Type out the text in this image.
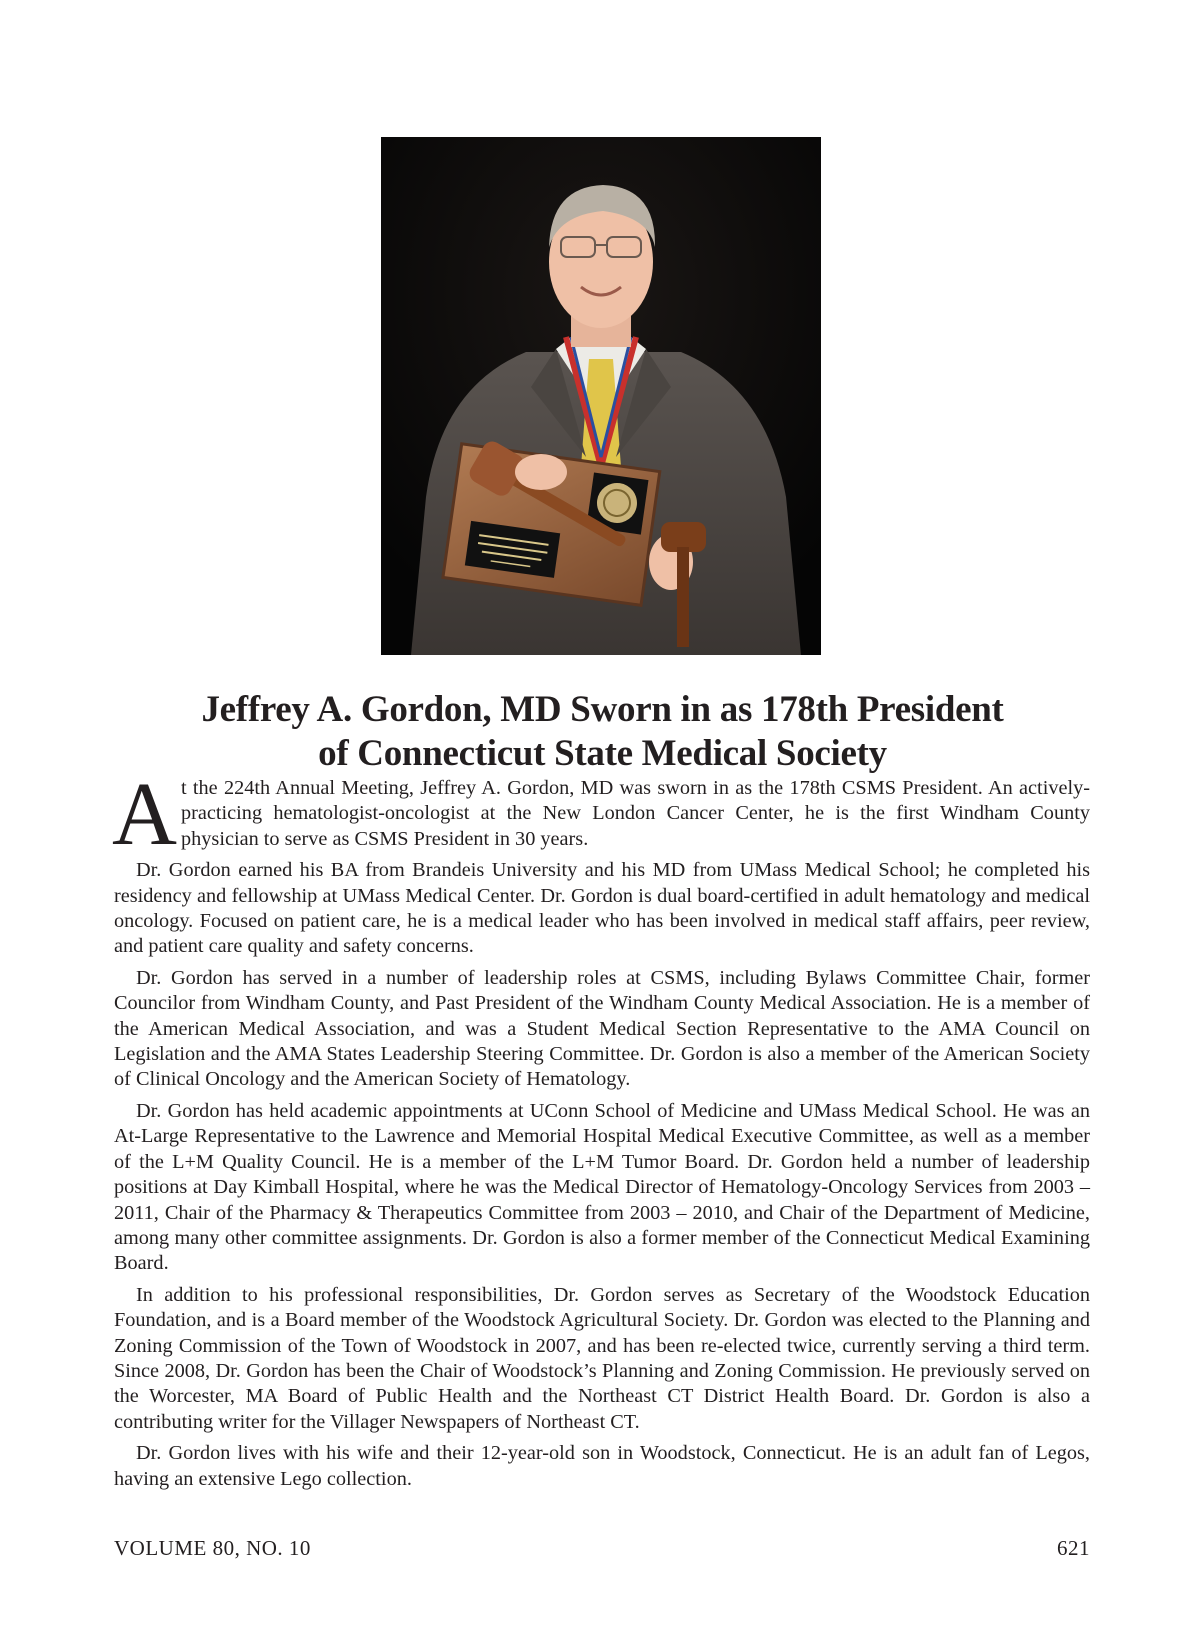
Jeffrey A. Gordon, MD Sworn in as 178th President
of Connecticut State Medical Society

At the 224th Annual Meeting, Jeffrey A. Gordon, MD was sworn in as the 178th CSMS President. An actively-practicing hematologist-oncologist at the New London Cancer Center, he is the first Windham County physician to serve as CSMS President in 30 years.

Dr. Gordon earned his BA from Brandeis University and his MD from UMass Medical School; he completed his residency and fellowship at UMass Medical Center. Dr. Gordon is dual board-certified in adult hematology and medical oncology. Focused on patient care, he is a medical leader who has been involved in medical staff affairs, peer review, and patient care quality and safety concerns.

Dr. Gordon has served in a number of leadership roles at CSMS, including Bylaws Committee Chair, former Councilor from Windham County, and Past President of the Windham County Medical Association. He is a member of the American Medical Association, and was a Student Medical Section Representative to the AMA Council on Legislation and the AMA States Leadership Steering Committee. Dr. Gordon is also a member of the American Society of Clinical Oncology and the American Society of Hematology.

Dr. Gordon has held academic appointments at UConn School of Medicine and UMass Medical School. He was an At-Large Representative to the Lawrence and Memorial Hospital Medical Executive Committee, as well as a member of the L+M Quality Council. He is a member of the L+M Tumor Board. Dr. Gordon held a number of leadership positions at Day Kimball Hospital, where he was the Medical Director of Hematology-Oncology Services from 2003 – 2011, Chair of the Pharmacy & Therapeutics Committee from 2003 – 2010, and Chair of the Department of Medicine, among many other committee assignments. Dr. Gordon is also a former member of the Connecticut Medical Examining Board.

In addition to his professional responsibilities, Dr. Gordon serves as Secretary of the Woodstock Education Foundation, and is a Board member of the Woodstock Agricultural Society. Dr. Gordon was elected to the Planning and Zoning Commission of the Town of Woodstock in 2007, and has been re-elected twice, currently serving a third term. Since 2008, Dr. Gordon has been the Chair of Woodstock’s Planning and Zoning Commission. He previously served on the Worcester, MA Board of Public Health and the Northeast CT District Health Board. Dr. Gordon is also a contributing writer for the Villager Newspapers of Northeast CT.

Dr. Gordon lives with his wife and their 12-year-old son in Woodstock, Connecticut. He is an adult fan of Legos, having an extensive Lego collection.

VOLUME 80, NO. 10	621
